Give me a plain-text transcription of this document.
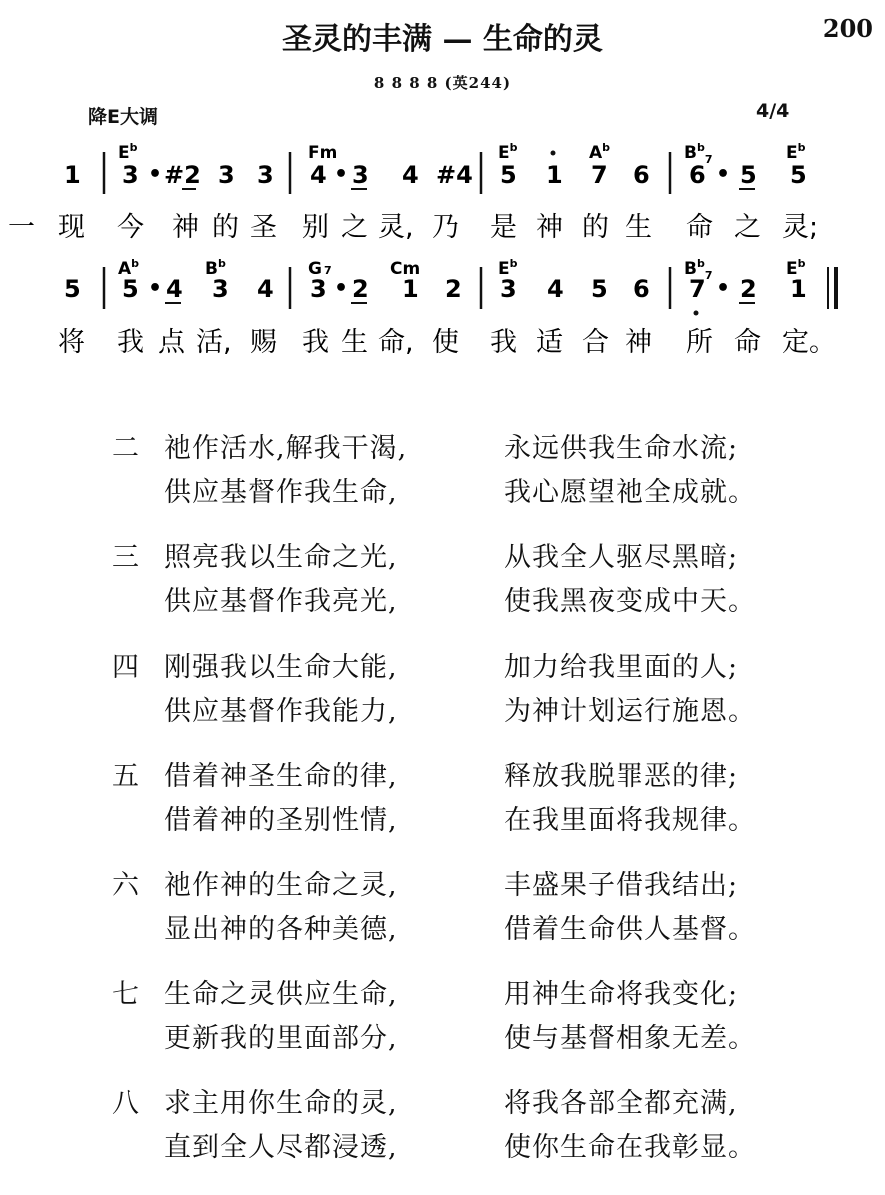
圣灵的丰满 — 生命的灵	200
8 8 8 8 (英244)
降E大调	4/4
$E^b$	Fm	$E^b$	$A^b$	$B^b_7$	$E^b$
1 3 • #2 3 3 4 • 3 4 #4 5 1 7 6 6 • 5 5
一 现 今 神 的 圣 别 之 灵, 乃 是 神 的 生 命 之 灵;
$A^b$	$B^b$	G 7	Cm	$E^b$	$B^b_7$	$E^b$
5 5 • 4 3 4 3 • 2 1 2 3 4 5 6 7 • 2 1
将 我 点 活, 赐 我 生 命, 使 我 适 合 神 所 命 定。
二 祂作活水,解我干渴,	永远供我生命水流;
供应基督作我生命,	我心愿望祂全成就。
三 照亮我以生命之光,	从我全人驱尽黑暗;
供应基督作我亮光,	使我黑夜变成中天。
四 刚强我以生命大能,	加力给我里面的人;
供应基督作我能力,	为神计划运行施恩。
五 借着神圣生命的律,	释放我脱罪恶的律;
借着神的圣别性情,	在我里面将我规律。
六 祂作神的生命之灵,	丰盛果子借我结出;
显出神的各种美德,	借着生命供人基督。
七 生命之灵供应生命,	用神生命将我变化;
更新我的里面部分,	使与基督相象无差。
八 求主用你生命的灵,	将我各部全都充满,
直到全人尽都浸透,	使你生命在我彰显。
